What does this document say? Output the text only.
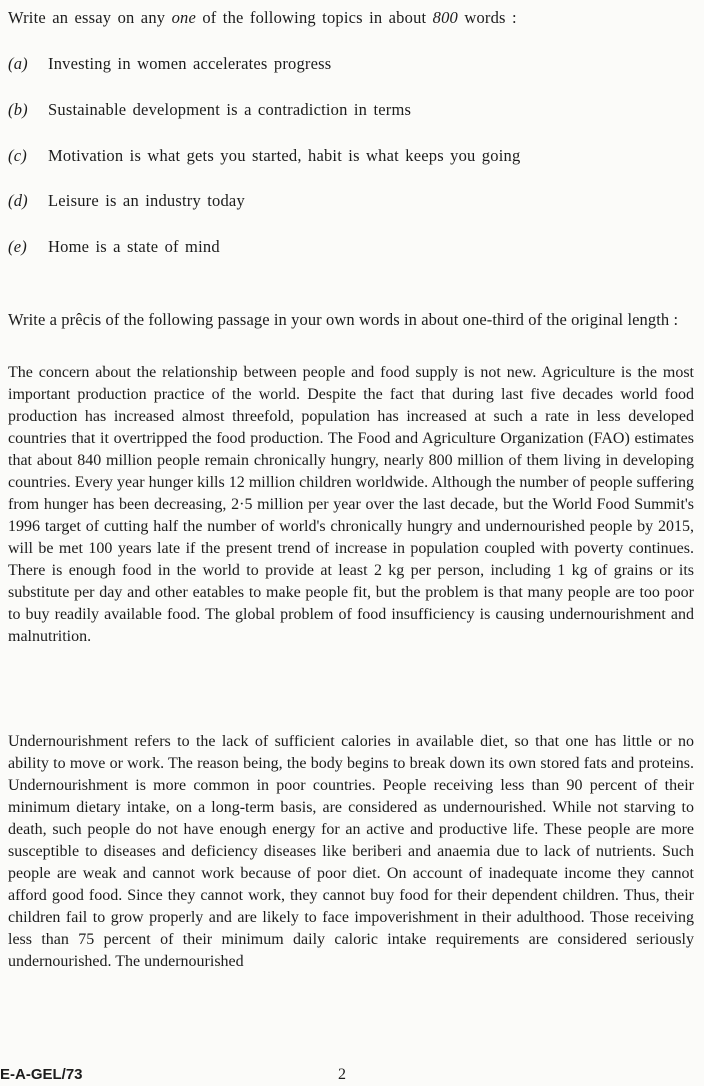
Write an essay on any one of the following topics in about 800 words :
(a) Investing in women accelerates progress
(b) Sustainable development is a contradiction in terms
(c) Motivation is what gets you started, habit is what keeps you going
(d) Leisure is an industry today
(e) Home is a state of mind
Write a prêcis of the following passage in your own words in about one-third of the original length :
The concern about the relationship between people and food supply is not new. Agriculture is the most important production practice of the world. Despite the fact that during last five decades world food production has increased almost threefold, population has increased at such a rate in less developed countries that it overtripped the food production. The Food and Agriculture Organization (FAO) estimates that about 840 million people remain chronically hungry, nearly 800 million of them living in developing countries. Every year hunger kills 12 million children worldwide. Although the number of people suffering from hunger has been decreasing, 2·5 million per year over the last decade, but the World Food Summit's 1996 target of cutting half the number of world's chronically hungry and undernourished people by 2015, will be met 100 years late if the present trend of increase in population coupled with poverty continues. There is enough food in the world to provide at least 2 kg per person, including 1 kg of grains or its substitute per day and other eatables to make people fit, but the problem is that many people are too poor to buy readily available food. The global problem of food insufficiency is causing undernourishment and malnutrition.
Undernourishment refers to the lack of sufficient calories in available diet, so that one has little or no ability to move or work. The reason being, the body begins to break down its own stored fats and proteins. Undernourishment is more common in poor countries. People receiving less than 90 percent of their minimum dietary intake, on a long-term basis, are considered as undernourished. While not starving to death, such people do not have enough energy for an active and productive life. These people are more susceptible to diseases and deficiency diseases like beriberi and anaemia due to lack of nutrients. Such people are weak and cannot work because of poor diet. On account of inadequate income they cannot afford good food. Since they cannot work, they cannot buy food for their dependent children. Thus, their children fail to grow properly and are likely to face impoverishment in their adulthood. Those receiving less than 75 percent of their minimum daily caloric intake requirements are considered seriously undernourished. The undernourished
E-A-GEL/73	2
